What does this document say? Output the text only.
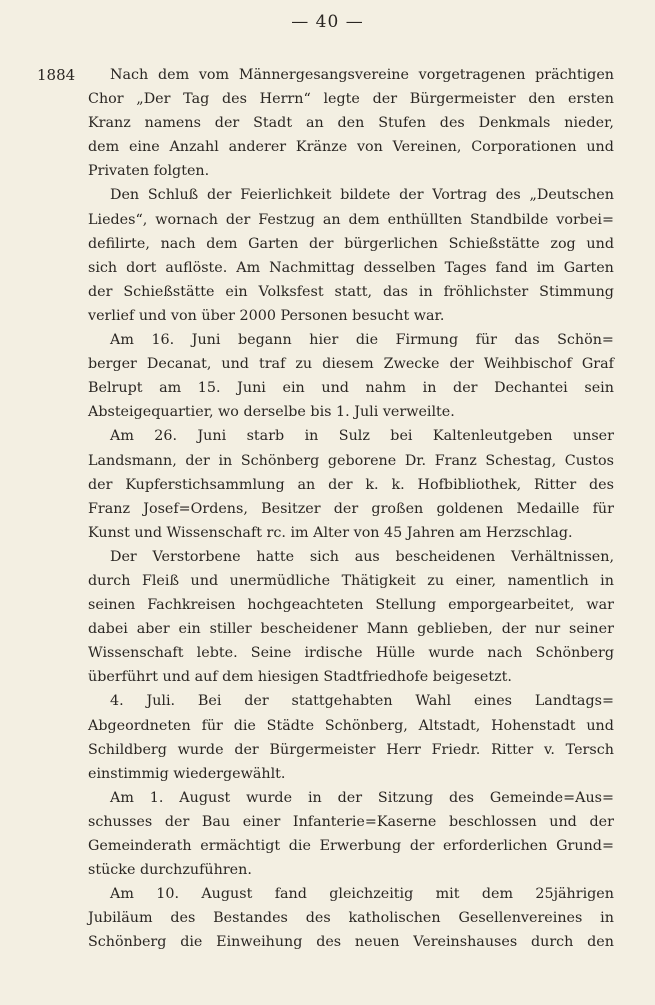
— 40 —
1884 Nach dem vom Männergesangsvereine vorgetragenen prächtigen
Chor „Der Tag des Herrn“ legte der Bürgermeister den ersten
Kranz namens der Stadt an den Stufen des Denkmals nieder,
dem eine Anzahl anderer Kränze von Vereinen, Corporationen und
Privaten folgten.
Den Schluß der Feierlichkeit bildete der Vortrag des „Deutschen
Liedes“, wornach der Festzug an dem enthüllten Standbilde vorbei=
defilirte, nach dem Garten der bürgerlichen Schießstätte zog und
sich dort auflöste. Am Nachmittag desselben Tages fand im Garten
der Schießstätte ein Volksfest statt, das in fröhlichster Stimmung
verlief und von über 2000 Personen besucht war.
Am 16. Juni begann hier die Firmung für das Schön=
berger Decanat, und traf zu diesem Zwecke der Weihbischof Graf
Belrupt am 15. Juni ein und nahm in der Dechantei sein
Absteigequartier, wo derselbe bis 1. Juli verweilte.
Am 26. Juni starb in Sulz bei Kaltenleutgeben unser
Landsmann, der in Schönberg geborene Dr. Franz Schestag, Custos
der Kupferstichsammlung an der k. k. Hofbibliothek, Ritter des
Franz Josef=Ordens, Besitzer der großen goldenen Medaille für
Kunst und Wissenschaft rc. im Alter von 45 Jahren am Herzschlag.
Der Verstorbene hatte sich aus bescheidenen Verhältnissen,
durch Fleiß und unermüdliche Thätigkeit zu einer, namentlich in
seinen Fachkreisen hochgeachteten Stellung emporgearbeitet, war
dabei aber ein stiller bescheidener Mann geblieben, der nur seiner
Wissenschaft lebte. Seine irdische Hülle wurde nach Schönberg
überführt und auf dem hiesigen Stadtfriedhofe beigesetzt.
4. Juli. Bei der stattgehabten Wahl eines Landtags=
Abgeordneten für die Städte Schönberg, Altstadt, Hohenstadt und
Schildberg wurde der Bürgermeister Herr Friedr. Ritter v. Tersch
einstimmig wiedergewählt.
Am 1. August wurde in der Sitzung des Gemeinde=Aus=
schusses der Bau einer Infanterie=Kaserne beschlossen und der
Gemeinderath ermächtigt die Erwerbung der erforderlichen Grund=
stücke durchzuführen.
Am 10. August fand gleichzeitig mit dem 25jährigen
Jubiläum des Bestandes des katholischen Gesellenvereines in
Schönberg die Einweihung des neuen Vereinshauses durch den
